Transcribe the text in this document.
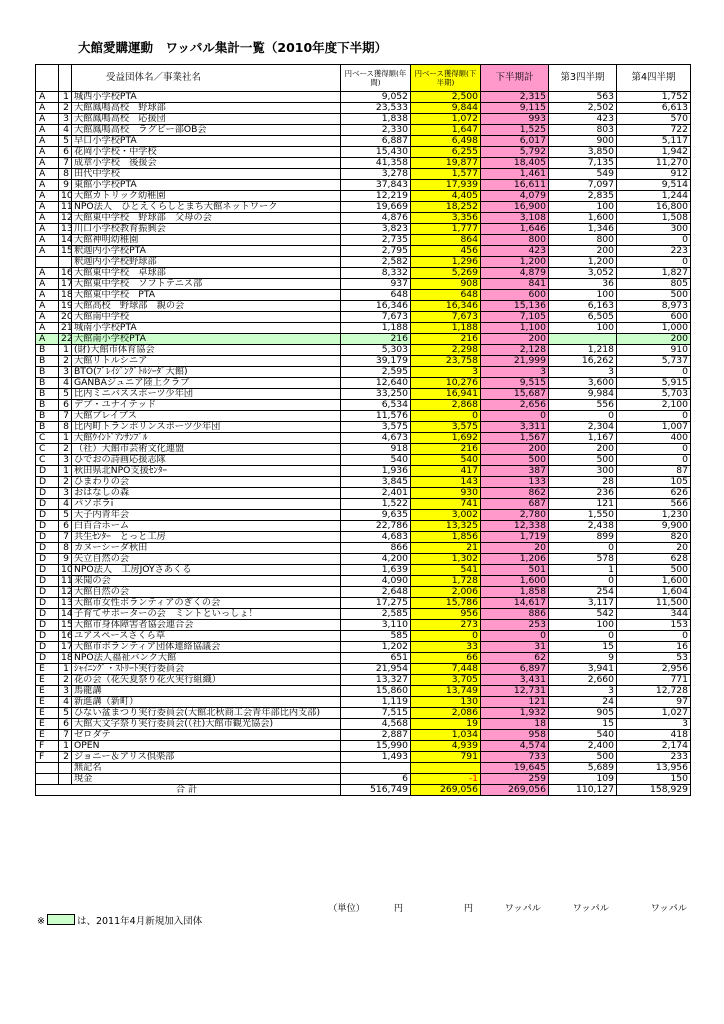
大館愛購運動　ワッパル集計一覧（2010年度下半期）
		受益団体名／事業社名	円ベース獲得額(年間)	円ベース獲得額(下半期)	下半期計	第3四半期	第4四半期
A	1	城西小学校PTA	9,052	2,500	2,315	563	1,752
A	2	大館鳳鳴高校　野球部	23,533	9,844	9,115	2,502	6,613
A	3	大館鳳鳴高校　応援団	1,838	1,072	993	423	570
A	4	大館鳳鳴高校　ラグビー部OB会	2,330	1,647	1,525	803	722
A	5	早口小学校PTA	6,887	6,498	6,017	900	5,117
A	6	花岡小学校・中学校	15,430	6,255	5,792	3,850	1,942
A	7	成章小学校　後援会	41,358	19,877	18,405	7,135	11,270
A	8	田代中学校	3,278	1,577	1,461	549	912
A	9	東館小学校PTA	37,843	17,939	16,611	7,097	9,514
A	10	大館カトリック幼稚園	12,219	4,405	4,079	2,835	1,244
A	11	NPO法人　ひとえくらしとまち大館ネットワーク	19,669	18,252	16,900	100	16,800
A	12	大館東中学校　野球部　父母の会	4,876	3,356	3,108	1,600	1,508
A	13	川口小学校教育振興会	3,823	1,777	1,646	1,346	300
A	14	大館神明幼稚園	2,735	864	800	800	0
A	15	釈迦内小学校PTA	2,795	456	423	200	223
		釈迦内小学校野球部	2,582	1,296	1,200	1,200	0
A	16	大館東中学校　卓球部	8,332	5,269	4,879	3,052	1,827
A	17	大館東中学校　ソフトテニス部	937	908	841	36	805
A	18	大館東中学校　PTA	648	648	600	100	500
A	19	大館高校　野球部　親の会	16,346	16,346	15,136	6,163	8,973
A	20	大館南中学校	7,673	7,673	7,105	6,505	600
A	21	城南小学校PTA	1,188	1,188	1,100	100	1,000
A	22	大館南小学校PTA	216	216	200		200
B	1	(財)大館市体育協会	5,303	2,298	2,128	1,218	910
B	2	大館リトルシニア	39,179	23,758	21,999	16,262	5,737
B	3	BTO(ﾌﾞﾚｲｼﾞﾝｸﾞﾄﾙｼｰﾀﾞ大館)	2,595	3	3	3	0
B	4	GANBAジュニア陸上クラブ	12,640	10,276	9,515	3,600	5,915
B	5	比内ミニバススポーツ少年団	33,250	16,941	15,687	9,984	5,703
B	6	デブ・ユナイテッド	6,534	2,868	2,656	556	2,100
B	7	大館ブレイブス	11,576	0	0	0	0
B	8	比内町トランポリンスポーツ少年団	3,575	3,575	3,311	2,304	1,007
C	1	大館ｳｲﾝﾄﾞｱﾝｻﾝﾌﾞﾙ	4,673	1,692	1,567	1,167	400
C	2	（社）大館市芸術文化連盟	918	216	200	200	0
C	3	ひでおの詩画応援志隊	540	540	500	500	0
D	1	秋田県北NPO支援ｾﾝﾀｰ	1,936	417	387	300	87
D	2	ひまわりの会	3,845	143	133	28	105
D	3	おはなしの森	2,401	930	862	236	626
D	4	パソボラi	1,522	741	687	121	566
D	5	大子内青年会	9,635	3,002	2,780	1,550	1,230
D	6	白百合ホーム	22,786	13,325	12,338	2,438	9,900
D	7	共生ｾﾝﾀｰ　とっと工房	4,683	1,856	1,719	899	820
D	8	カヌーシーダ秋田	866	21	20	0	20
D	9	矢立自然の会	4,200	1,302	1,206	578	628
D	10	NPO法人　工房JOYさあくる	1,639	541	501	1	500
D	11	来聞の会	4,090	1,728	1,600	0	1,600
D	12	大館自然の会	2,648	2,006	1,858	254	1,604
D	13	大館市女性ボランティアのぎくの会	17,275	15,786	14,617	3,117	11,500
D	14	子育てサポーターの会　ミントといっしょ！	2,585	956	886	542	344
D	15	大館市身体障害者協会連合会	3,110	273	253	100	153
D	16	ユアスペースさくら草	585	0	0	0	0
D	17	大館市ボランティア団体連絡協議会	1,202	33	31	15	16
D	18	NPO法人福祉バンク大館	651	66	62	9	53
E	1	ｼｬｲﾆﾝｸﾞ・ｽﾄﾘｰﾄ実行委員会	21,954	7,448	6,897	3,941	2,956
E	2	花の会（花矢夏祭り花火実行組織）	13,327	3,705	3,431	2,660	771
E	3	馬龍講	15,860	13,749	12,731	3	12,728
E	4	新進講（新町）	1,119	130	121	24	97
E	5	ひない盆まつり実行委員会(大館北秋商工会青年部比内支部)	7,515	2,086	1,932	905	1,027
E	6	大館大文字祭り実行委員会(（社)大館市観光協会)	4,568	19	18	15	3
E	7	ゼロダテ	2,887	1,034	958	540	418
F	1	OPEN	15,990	4,939	4,574	2,400	2,174
F	2	ジョニー＆アリス倶楽部	1,493	791	733	500	233
		無記名			19,645	5,689	13,956
		現金	6	-1	259	109	150
合計			516,749	269,056	269,056	110,127	158,929
（単位）	円	円	ワッパル	ワッパル	ワッパル
※	は、2011年4月新規加入団体
